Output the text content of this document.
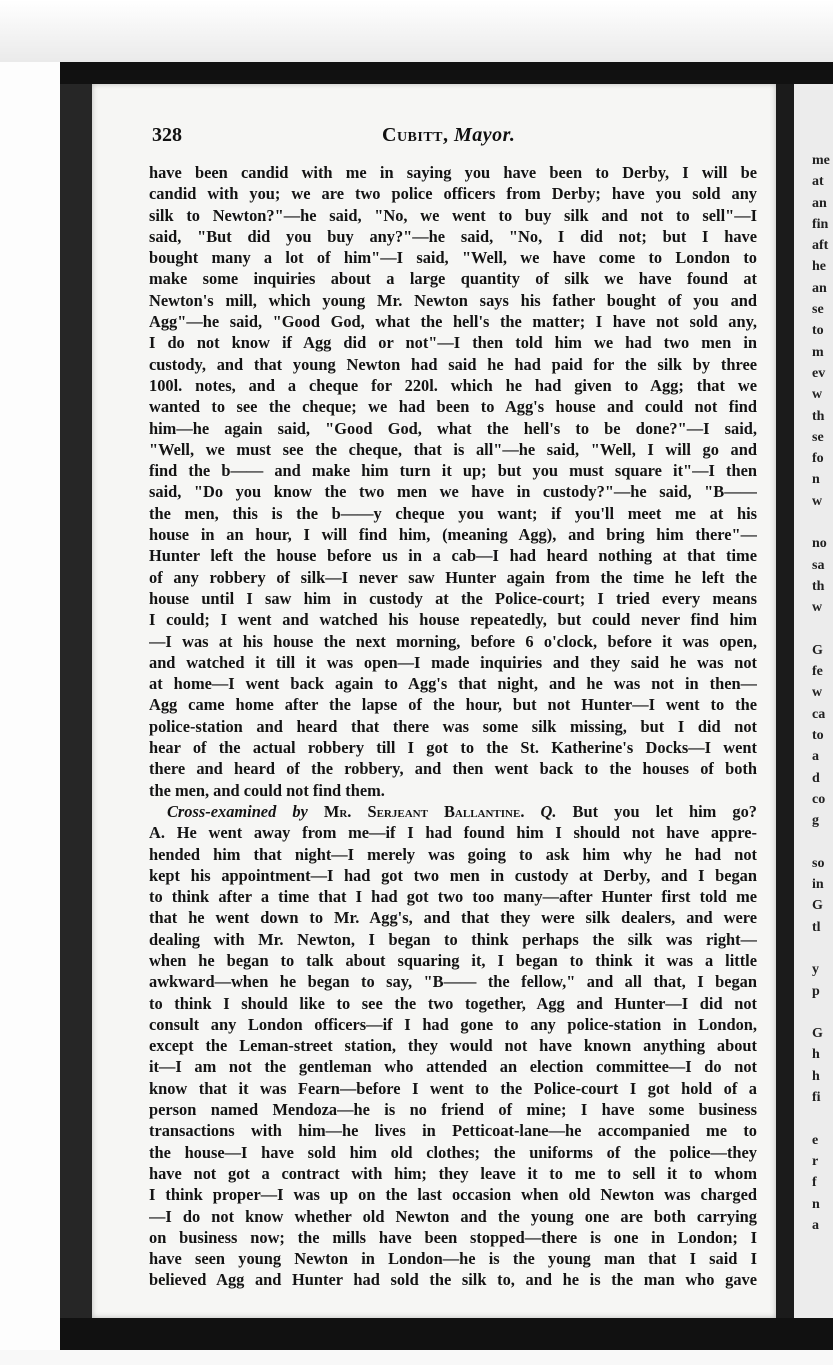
me
at
an
fin
aft
he
an
se
to
m
ev
w
th
se
fo
n
w
no
sa
th
w
G
fe
w
ca
to
a
d
co
g
so
in
G
tl
y
p
G
h
h
fi
e
r
f
n
a
328	Cubitt, Mayor.
have been candid with me in saying you have been to Derby, I will be
candid with you; we are two police officers from Derby; have you sold any
silk to Newton?"—he said, "No, we went to buy silk and not to sell"—I
said, "But did you buy any?"—he said, "No, I did not; but I have
bought many a lot of him"—I said, "Well, we have come to London to
make some inquiries about a large quantity of silk we have found at
Newton's mill, which young Mr. Newton says his father bought of you and
Agg"—he said, "Good God, what the hell's the matter; I have not sold any,
I do not know if Agg did or not"—I then told him we had two men in
custody, and that young Newton had said he had paid for the silk by three
100l. notes, and a cheque for 220l. which he had given to Agg; that we
wanted to see the cheque; we had been to Agg's house and could not find
him—he again said, "Good God, what the hell's to be done?"—I said,
"Well, we must see the cheque, that is all"—he said, "Well, I will go and
find the b—— and make him turn it up; but you must square it"—I then
said, "Do you know the two men we have in custody?"—he said, "B——
the men, this is the b——y cheque you want; if you'll meet me at his
house in an hour, I will find him, (meaning Agg), and bring him there"—
Hunter left the house before us in a cab—I had heard nothing at that time
of any robbery of silk—I never saw Hunter again from the time he left the
house until I saw him in custody at the Police-court; I tried every means
I could; I went and watched his house repeatedly, but could never find him
—I was at his house the next morning, before 6 o'clock, before it was open,
and watched it till it was open—I made inquiries and they said he was not
at home—I went back again to Agg's that night, and he was not in then—
Agg came home after the lapse of the hour, but not Hunter—I went to the
police-station and heard that there was some silk missing, but I did not
hear of the actual robbery till I got to the St. Katherine's Docks—I went
there and heard of the robbery, and then went back to the houses of both
the men, and could not find them.
Cross-examined by Mr. Serjeant Ballantine. Q. But you let him go?
A. He went away from me—if I had found him I should not have appre-
hended him that night—I merely was going to ask him why he had not
kept his appointment—I had got two men in custody at Derby, and I began
to think after a time that I had got two too many—after Hunter first told me
that he went down to Mr. Agg's, and that they were silk dealers, and were
dealing with Mr. Newton, I began to think perhaps the silk was right—
when he began to talk about squaring it, I began to think it was a little
awkward—when he began to say, "B—— the fellow," and all that, I began
to think I should like to see the two together, Agg and Hunter—I did not
consult any London officers—if I had gone to any police-station in London,
except the Leman-street station, they would not have known anything about
it—I am not the gentleman who attended an election committee—I do not
know that it was Fearn—before I went to the Police-court I got hold of a
person named Mendoza—he is no friend of mine; I have some business
transactions with him—he lives in Petticoat-lane—he accompanied me to
the house—I have sold him old clothes; the uniforms of the police—they
have not got a contract with him; they leave it to me to sell it to whom
I think proper—I was up on the last occasion when old Newton was charged
—I do not know whether old Newton and the young one are both carrying
on business now; the mills have been stopped—there is one in London; I
have seen young Newton in London—he is the young man that I said I
believed Agg and Hunter had sold the silk to, and he is the man who gave
